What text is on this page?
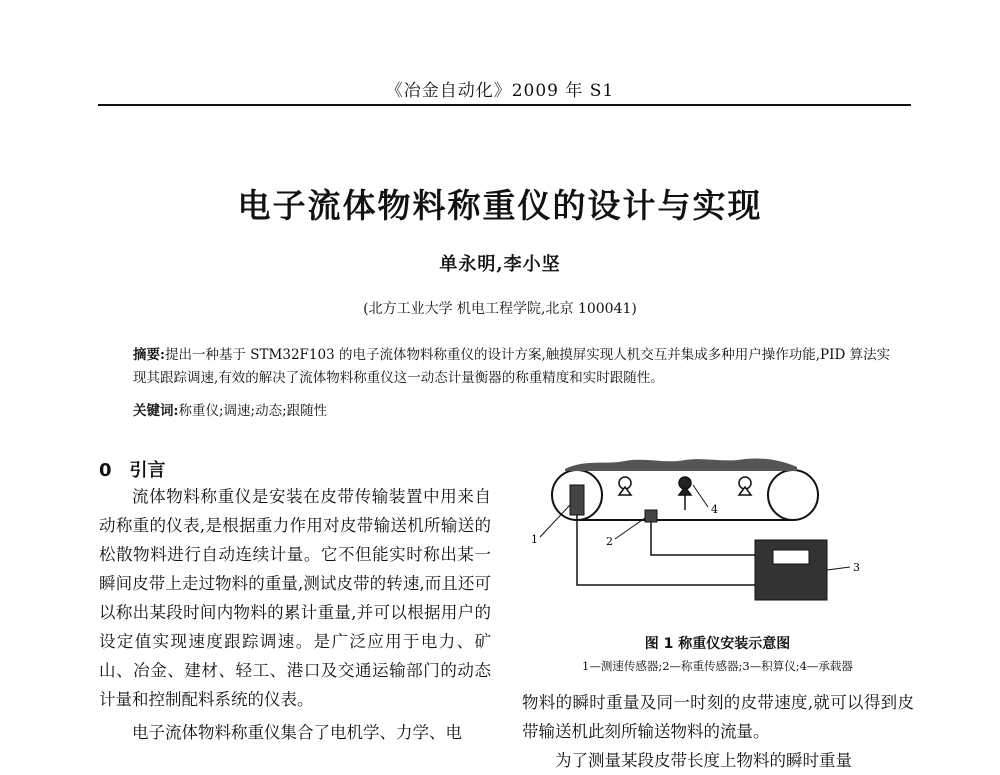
《冶金自动化》2009 年 S1
电子流体物料称重仪的设计与实现
单永明,李小坚
(北方工业大学 机电工程学院,北京 100041)
摘要:提出一种基于 STM32F103 的电子流体物料称重仪的设计方案,触摸屏实现人机交互并集成多种用户操作功能,PID 算法实现其跟踪调速,有效的解决了流体物料称重仪这一动态计量衡器的称重精度和实时跟随性。
关键词:称重仪;调速;动态;跟随性
0 引言

流体物料称重仪是安装在皮带传输装置中用来自动称重的仪表,是根据重力作用对皮带输送机所输送的松散物料进行自动连续计量。它不但能实时称出某一瞬间皮带上走过物料的重量,测试皮带的转速,而且还可以称出某段时间内物料的累计重量,并可以根据用户的设定值实现速度跟踪调速。是广泛应用于电力、矿山、冶金、建材、轻工、港口及交通运输部门的动态计量和控制配料系统的仪表。

电子流体物料称重仪集合了电机学、力学、电

1	2
3
4
图 1 称重仪安装示意图
1—测速传感器;2—称重传感器;3—积算仪;4—承载器

物料的瞬时重量及同一时刻的皮带速度,就可以得到皮带输送机此刻所输送物料的流量。

为了测量某段皮带长度上物料的瞬时重量
